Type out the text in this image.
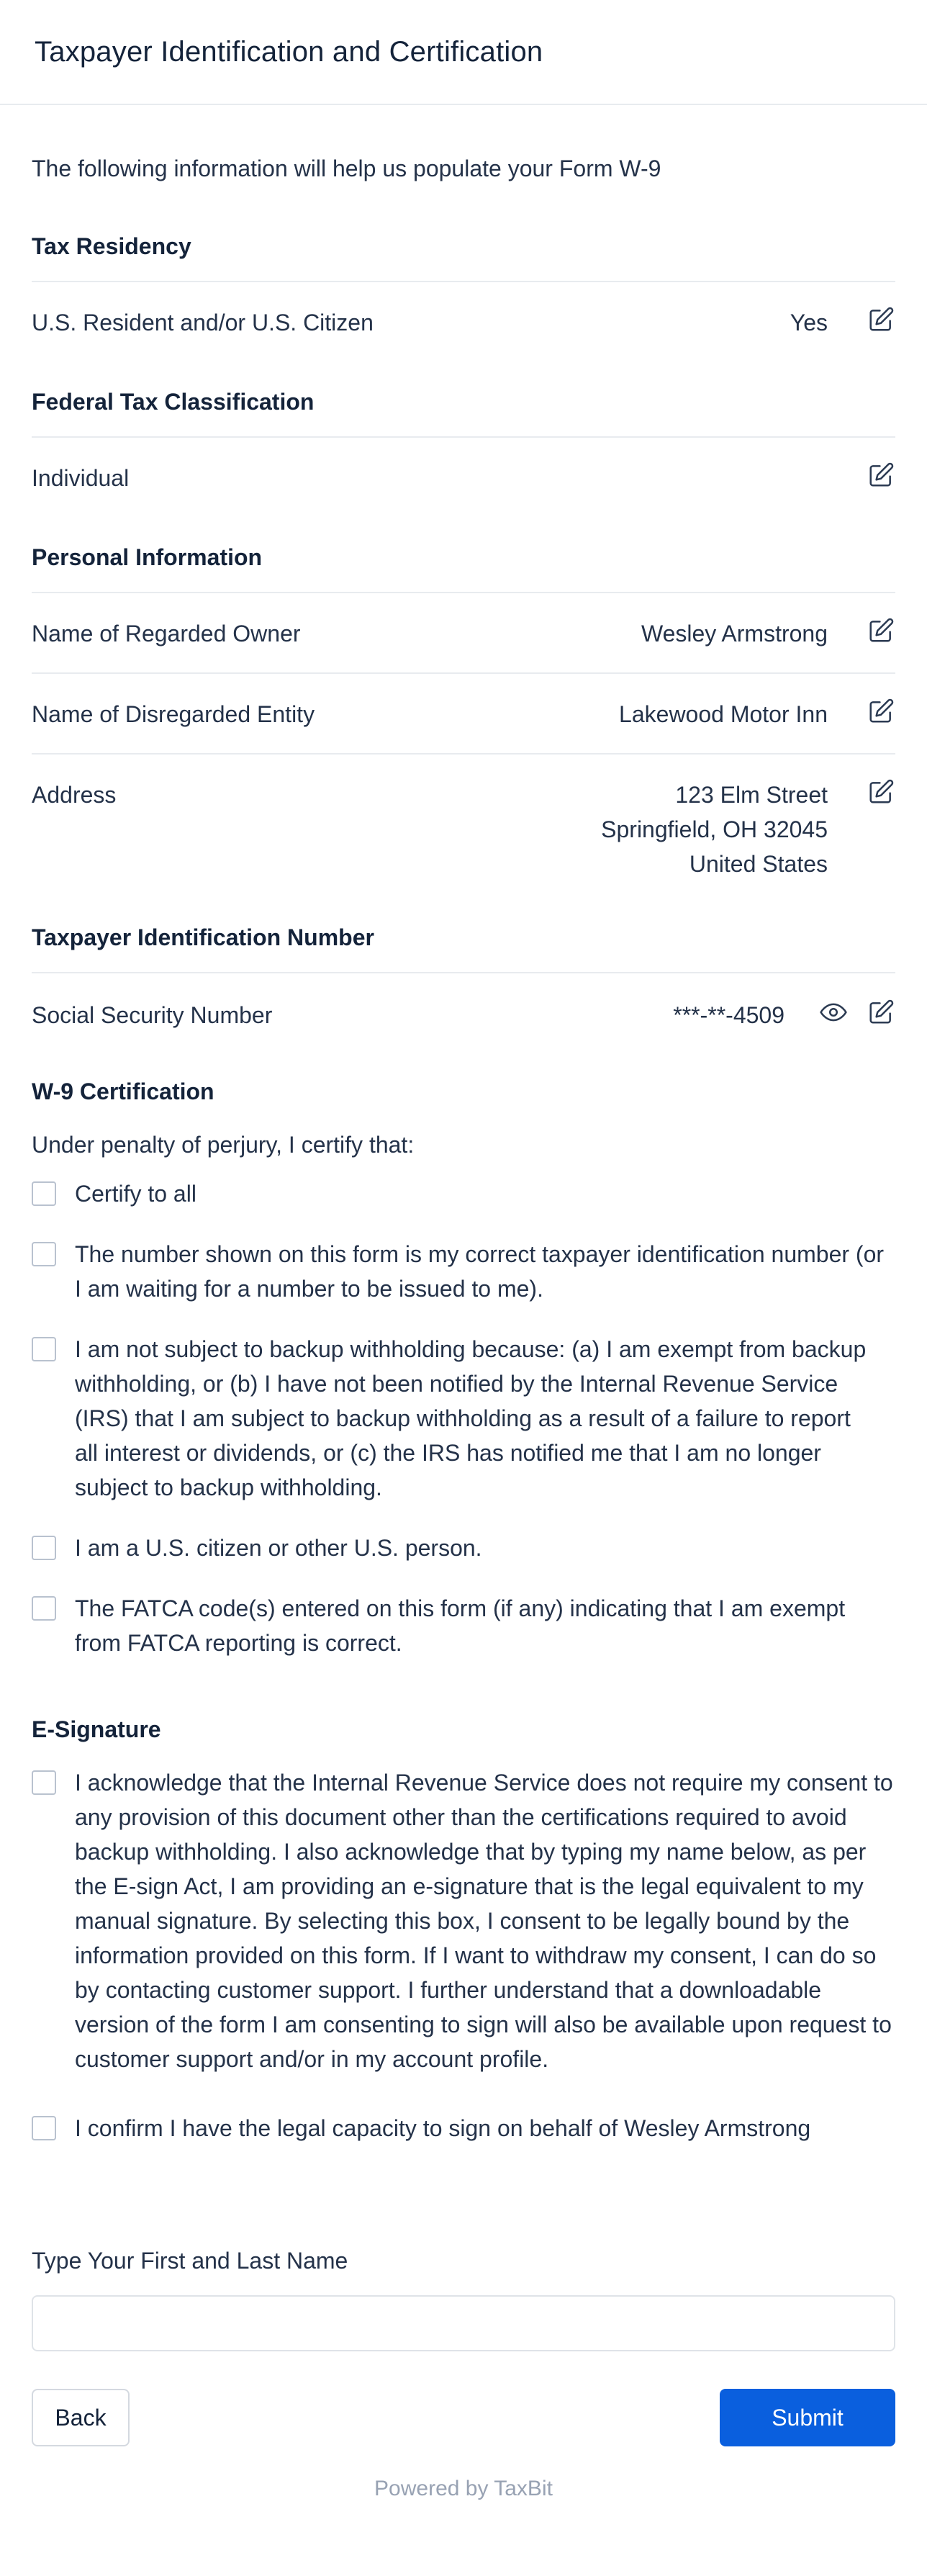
Taxpayer Identification and Certification
The following information will help us populate your Form W-9
Tax Residency
U.S. Resident and/or U.S. Citizen	Yes
Federal Tax Classification
Individual
Personal Information
Name of Regarded Owner	Wesley Armstrong
Name of Disregarded Entity	Lakewood Motor Inn
Address	123 Elm Street
Springfield, OH 32045
United States
Taxpayer Identification Number
Social Security Number	***-**-4509
W-9 Certification
Under penalty of perjury, I certify that:
Certify to all
The number shown on this form is my correct taxpayer identification number (or I am waiting for a number to be issued to me).
I am not subject to backup withholding because: (a) I am exempt from backup withholding, or (b) I have not been notified by the Internal Revenue Service (IRS) that I am subject to backup withholding as a result of a failure to report all interest or dividends, or (c) the IRS has notified me that I am no longer subject to backup withholding.
I am a U.S. citizen or other U.S. person.
The FATCA code(s) entered on this form (if any) indicating that I am exempt from FATCA reporting is correct.
E-Signature
I acknowledge that the Internal Revenue Service does not require my consent to any provision of this document other than the certifications required to avoid backup withholding. I also acknowledge that by typing my name below, as per the E-sign Act, I am providing an e-signature that is the legal equivalent to my manual signature. By selecting this box, I consent to be legally bound by the information provided on this form. If I want to withdraw my consent, I can do so by contacting customer support. I further understand that a downloadable version of the form I am consenting to sign will also be available upon request to customer support and/or in my account profile.
I confirm I have the legal capacity to sign on behalf of Wesley Armstrong
Type Your First and Last Name
Back	Submit
Powered by TaxBit
